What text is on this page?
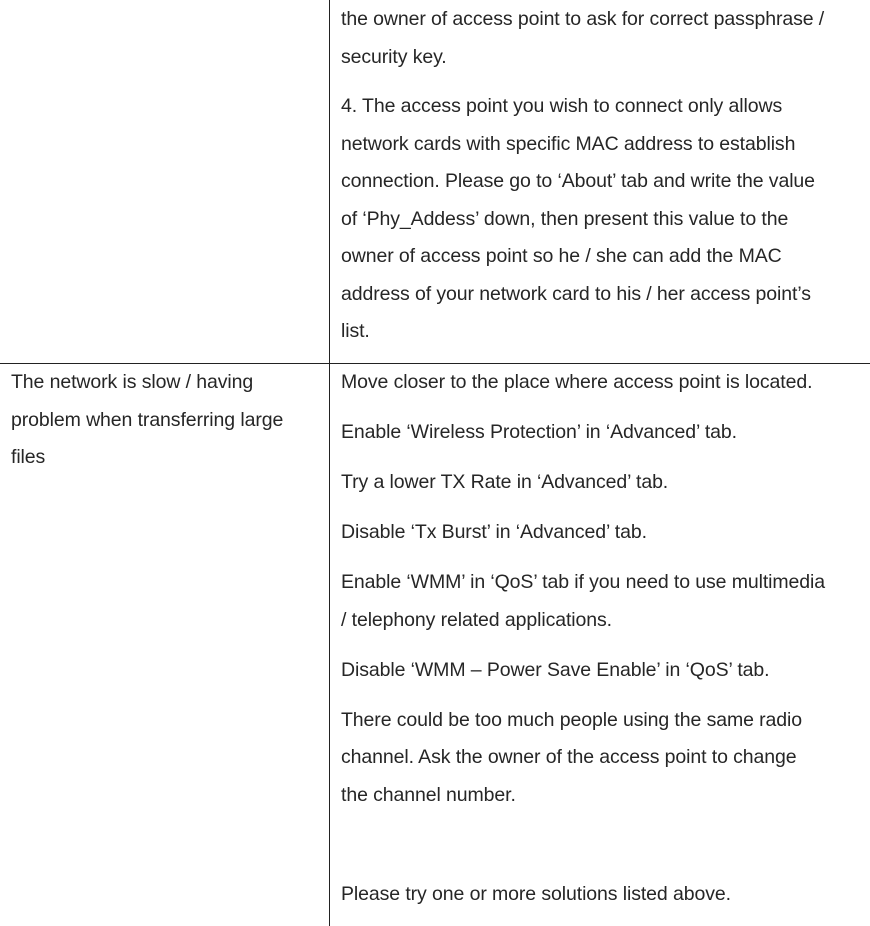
the owner of access point to ask for correct passphrase /

security key.

4. The access point you wish to connect only allows

network cards with specific MAC address to establish

connection. Please go to ‘About’ tab and write the value

of ‘Phy_Addess’ down, then present this value to the

owner of access point so he / she can add the MAC

address of your network card to his / her access point’s

list.

The network is slow / having

problem when transferring large

files

Move closer to the place where access point is located.

Enable ‘Wireless Protection’ in ‘Advanced’ tab.

Try a lower TX Rate in ‘Advanced’ tab.

Disable ‘Tx Burst’ in ‘Advanced’ tab.

Enable ‘WMM’ in ‘QoS’ tab if you need to use multimedia

/ telephony related applications.

Disable ‘WMM – Power Save Enable’ in ‘QoS’ tab.

There could be too much people using the same radio

channel. Ask the owner of the access point to change

the channel number.

Please try one or more solutions listed above.
